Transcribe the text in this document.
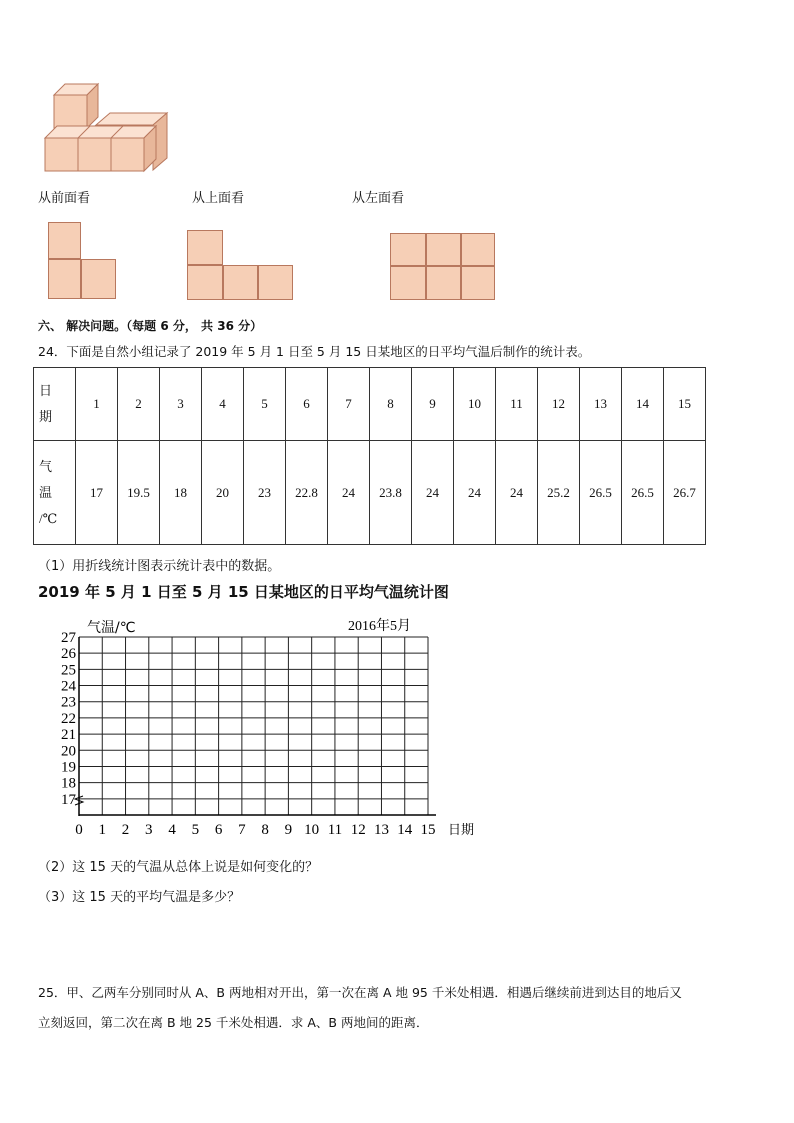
从前面看	从上面看	从左面看
六、 解决问题。（每题 6 分， 共 36 分）
24．下面是自然小组记录了 2019 年 5 月 1 日至 5 月 15 日某地区的日平均气温后制作的统计表。
日
期	1	2	3	4	5	6	7	8	9	10	11	12	13	14	15

气
温
/℃	17	19.5	18	20	23	22.8	24	23.8	24	24	24	25.2	26.5	26.5	26.7
（1）用折线统计图表示统计表中的数据。
2019 年 5 月 1 日至 5 月 15 日某地区的日平均气温统计图
27
26
25
24
23
22
21
20
19
18
17
0 1 2 3 4 5 6 7 8 9 10 11 12 13 14 15 日期
气温/℃	2016年5月
（2）这 15 天的气温从总体上说是如何变化的？
（3）这 15 天的平均气温是多少？
25．甲、乙两车分别同时从 A、B 两地相对开出，第一次在离 A 地 95 千米处相遇．相遇后继续前进到达目的地后又
立刻返回，第二次在离 B 地 25 千米处相遇．求 A、B 两地间的距离．
